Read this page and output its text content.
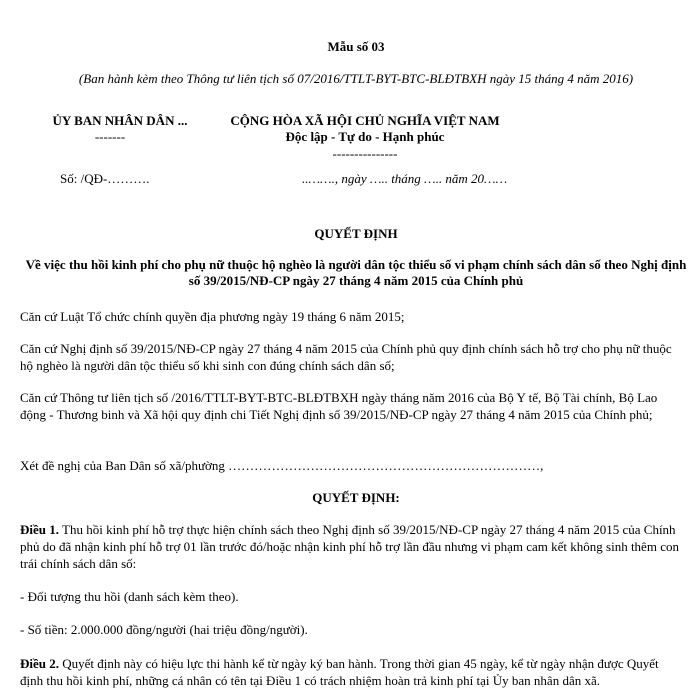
Mẫu số 03
(Ban hành kèm theo Thông tư liên tịch số 07/2016/TTLT-BYT-BTC-BLĐTBXH ngày 15 tháng 4 năm 2016)
ỦY BAN NHÂN DÂN ...
-------
CỘNG HÒA XÃ HỘI CHỦ NGHĨA VIỆT NAM
Độc lập - Tự do - Hạnh phúc
---------------
Số: /QĐ-……….	..……., ngày ….. tháng ….. năm 20……
QUYẾT ĐỊNH
Về việc thu hồi kinh phí cho phụ nữ thuộc hộ nghèo là người dân tộc thiểu số vi phạm chính sách dân số theo Nghị định số 39/2015/NĐ-CP ngày 27 tháng 4 năm 2015 của Chính phủ
Căn cứ Luật Tổ chức chính quyền địa phương ngày 19 tháng 6 năm 2015;
Căn cứ Nghị định số 39/2015/NĐ-CP ngày 27 tháng 4 năm 2015 của Chính phủ quy định chính sách hỗ trợ cho phụ nữ thuộc hộ nghèo là người dân tộc thiểu số khi sinh con đúng chính sách dân số;
Căn cứ Thông tư liên tịch số /2016/TTLT-BYT-BTC-BLĐTBXH ngày tháng năm 2016 của Bộ Y tế, Bộ Tài chính, Bộ Lao động - Thương binh và Xã hội quy định chi Tiết Nghị định số 39/2015/NĐ-CP ngày 27 tháng 4 năm 2015 của Chính phủ;
Xét đề nghị của Ban Dân số xã/phường ………………………………………………………………,
QUYẾT ĐỊNH:
Điều 1. Thu hồi kinh phí hỗ trợ thực hiện chính sách theo Nghị định số 39/2015/NĐ-CP ngày 27 tháng 4 năm 2015 của Chính phủ do đã nhận kinh phí hỗ trợ 01 lần trước đó/hoặc nhận kinh phí hỗ trợ lần đầu nhưng vi phạm cam kết không sinh thêm con trái chính sách dân số:
- Đối tượng thu hồi (danh sách kèm theo).
- Số tiền: 2.000.000 đồng/người (hai triệu đồng/người).
Điều 2. Quyết định này có hiệu lực thi hành kể từ ngày ký ban hành. Trong thời gian 45 ngày, kể từ ngày nhận được Quyết định thu hồi kinh phí, những cá nhân có tên tại Điều 1 có trách nhiệm hoàn trả kinh phí tại Ủy ban nhân dân xã.
